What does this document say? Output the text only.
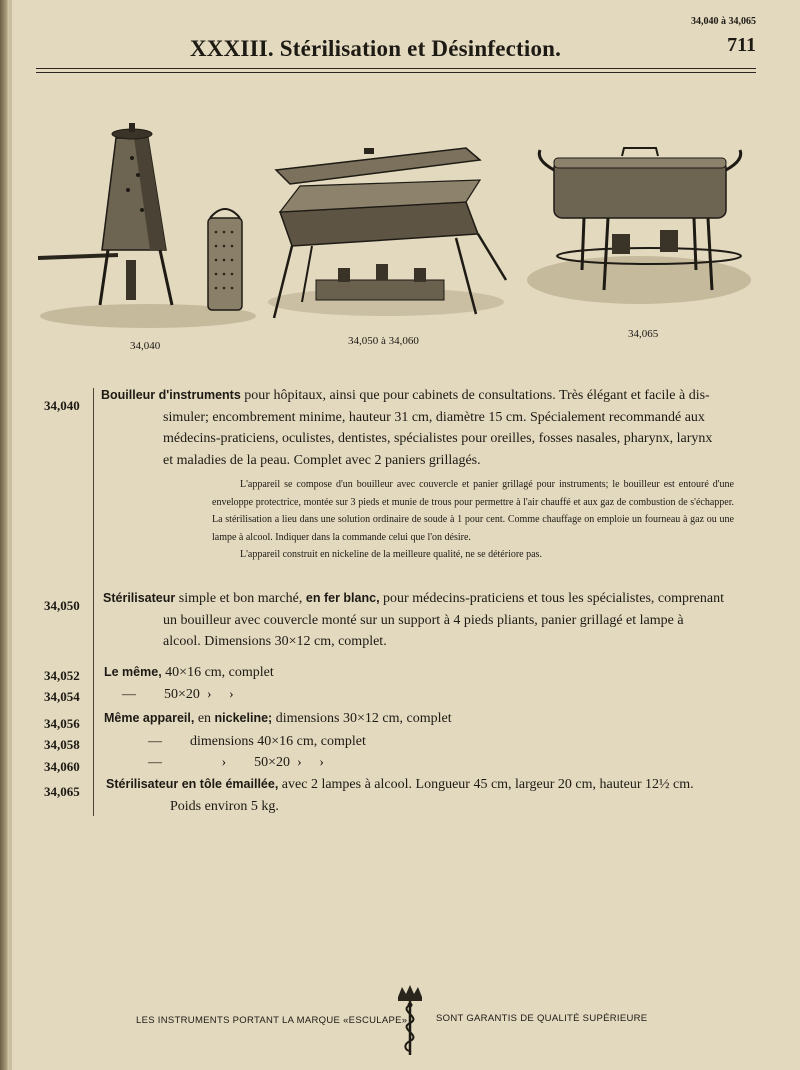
34,040 à 34,065
711
XXXIII. Stérilisation et Désinfection.
34,040	34,050 à 34,060
34,065
34,040
Bouilleur d'instruments pour hôpitaux, ainsi que pour cabinets de consultations. Très élégant et facile à dis-
simuler; encombrement minime, hauteur 31 cm, diamètre 15 cm. Spécialement recommandé aux
médecins-praticiens, oculistes, dentistes, spécialistes pour oreilles, fosses nasales, pharynx, larynx
et maladies de la peau. Complet avec 2 paniers grillagés.

L'appareil se compose d'un bouilleur avec couvercle et panier grillagé pour instruments; le bouilleur est entouré d'une enveloppe protectrice, montée sur 3 pieds et munie de trous pour permettre à l'air chauffé et aux gaz de combustion de s'échapper. La stérilisation a lieu dans une solution ordinaire de soude à 1 pour cent. Comme chauffage on emploie un fourneau à gaz ou une lampe à alcool. Indiquer dans la commande celui que l'on désire.

L'appareil construit en nickeline de la meilleure qualité, ne se détériore pas.

34,050 Stérilisateur simple et bon marché, en fer blanc, pour médecins-praticiens et tous les spécialistes, comprenant
un bouilleur avec couvercle monté sur un support à 4 pieds pliants, panier grillagé et lampe à
alcool. Dimensions 30×12 cm, complet.
34,052 Le même, 40×16 cm, complet
34,054	—        50×20  ›     ›
34,056 Même appareil, en nickeline; dimensions 30×12 cm, complet
34,058	—        dimensions 40×16 cm, complet
34,060	—                 ›        50×20  ›     ›
34,065 Stérilisateur en tôle émaillée, avec 2 lampes à alcool. Longueur 45 cm, largeur 20 cm, hauteur 12½ cm.
Poids environ 5 kg.
LES INSTRUMENTS PORTANT LA MARQUE «ESCULAPE»	SONT GARANTIS DE QUALITÉ SUPÉRIEURE
